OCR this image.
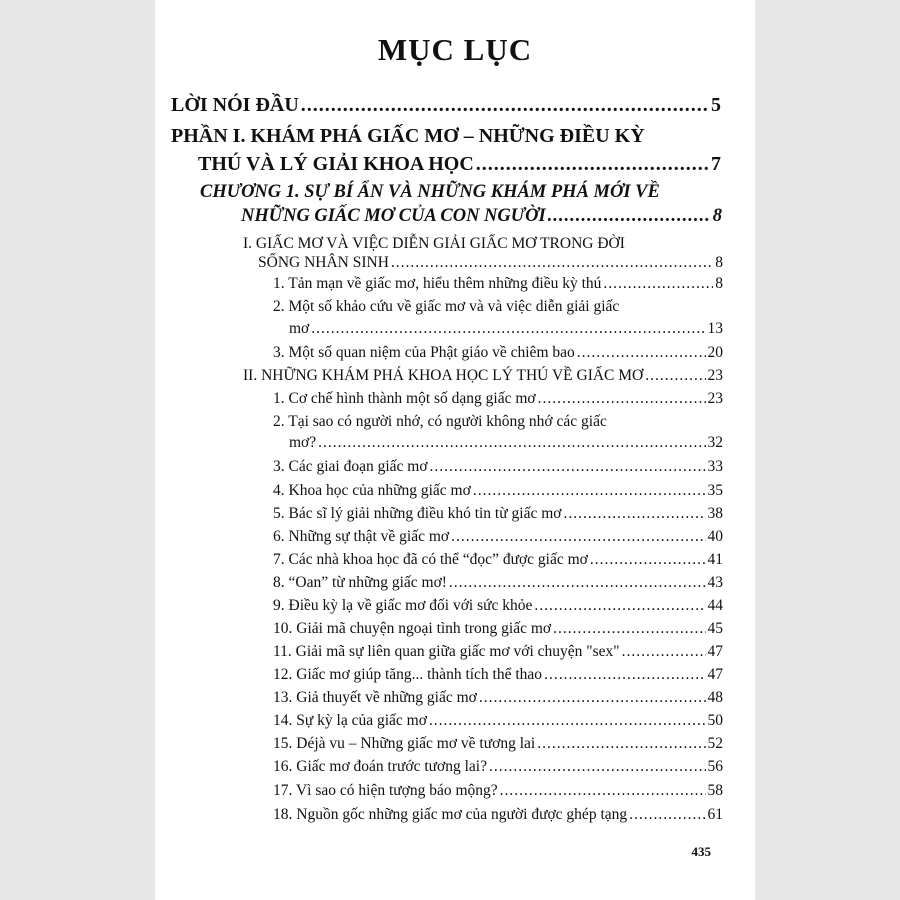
MỤC LỤC
LỜI NÓI ĐẦU .....	5
PHẦN I. KHÁM PHÁ GIẤC MƠ – NHỮNG ĐIỀU KỲ
THÚ VÀ LÝ GIẢI KHOA HỌC .....	7
CHƯƠNG 1. SỰ BÍ ẨN VÀ NHỮNG KHÁM PHÁ MỚI VỀ
NHỮNG GIẤC MƠ CỦA CON NGƯỜI .....	8
I. GIẤC MƠ VÀ VIỆC DIỄN GIẢI GIẤC MƠ TRONG ĐỜI
SỐNG NHÂN SINH .....	8
1. Tản mạn về giấc mơ, hiểu thêm những điều kỳ thú .....	8
2. Một số khảo cứu về giấc mơ và và việc diễn giải giấc
mơ .....	13
3. Một số quan niệm của Phật giáo về chiêm bao .....	20
II. NHỮNG KHÁM PHÁ KHOA HỌC LÝ THÚ VỀ GIẤC MƠ .....	23
1. Cơ chế hình thành một số dạng giấc mơ .....	23
2. Tại sao có người nhớ, có người không nhớ các giấc
mơ? .....	32
3. Các giai đoạn giấc mơ .....	33
4. Khoa học của những giấc mơ .....	35
5. Bác sĩ lý giải những điều khó tin từ giấc mơ .....	38
6. Những sự thật về giấc mơ .....	40
7. Các nhà khoa học đã có thể “đọc” được giấc mơ .....	41
8. “Oan” từ những giấc mơ! .....	43
9. Điều kỳ lạ về giấc mơ đối với sức khỏe .....	44
10. Giải mã chuyện ngoại tình trong giấc mơ .....	45
11. Giải mã sự liên quan giữa giấc mơ với chuyện "sex" .....	47
12. Giấc mơ giúp tăng... thành tích thể thao .....	47
13. Giả thuyết về những giấc mơ .....	48
14. Sự kỳ lạ của giấc mơ .....	50
15. Déjà vu – Những giấc mơ về tương lai .....	52
16. Giấc mơ đoán trước tương lai? .....	56
17. Vì sao có hiện tượng báo mộng? .....	58
18. Nguồn gốc những giấc mơ của người được ghép tạng .....	61
435
